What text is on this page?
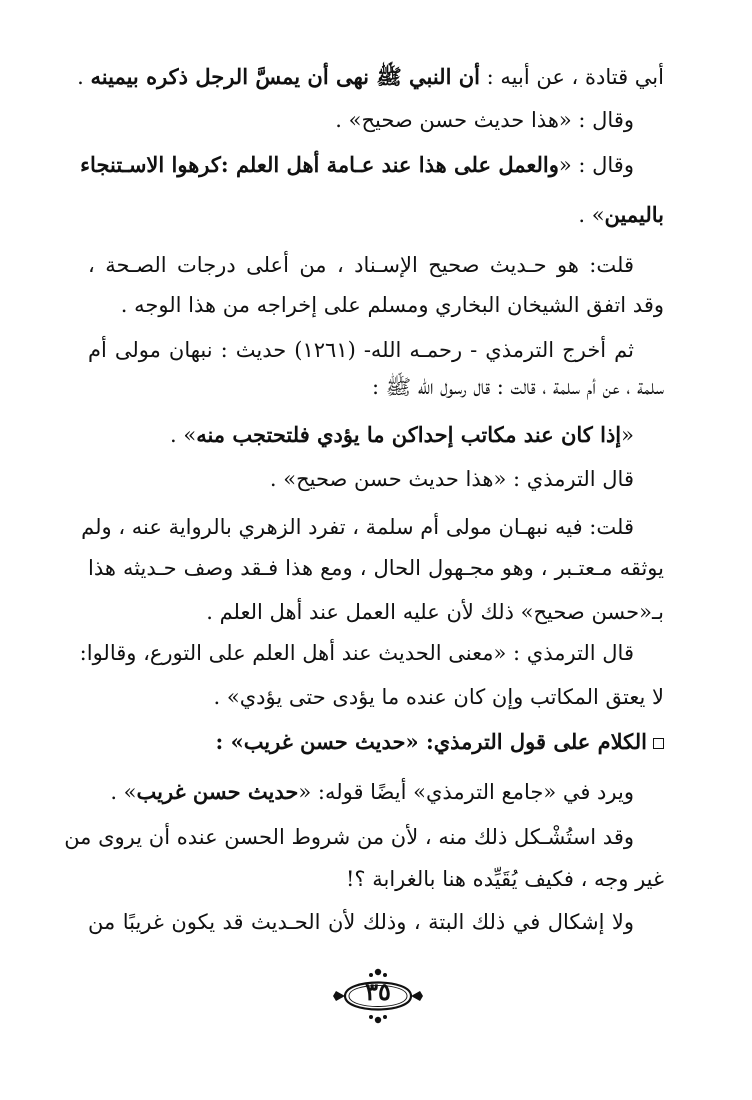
أبي قتادة ، عن أبيه : أن النبي ﷺ نهى أن يمسَّ الرجل ذكره بيمينه .
وقال : «هذا حديث حسن صحيح» .
وقال : «والعمل على هذا عند عـامة أهل العلم :كرهوا الاسـتنجاء
باليمين» .
قلت: هو حـديث صحيح الإسـناد ، من أعلى درجات الصـحة ،
وقد اتفق الشيخان البخاري ومسلم على إخراجه من هذا الوجه .
ثم أخرج الترمذي - رحمـه الله- (١٢٦١) حديث : نبهان مولى أم
سلمة ، عن أم سلمة ، قالت : قال رسول الله ﷺ :
«إذا كان عند مكاتب إحداكن ما يؤدي فلتحتجب منه» .
قال الترمذي : «هذا حديث حسن صحيح» .
قلت: فيه نبهـان مولى أم سلمة ، تفرد الزهري بالرواية عنه ، ولم
يوثقه مـعتـبر ، وهو مجـهول الحال ، ومع هذا فـقد وصف حـديثه هذا
بـ«حسن صحيح» ذلك لأن عليه العمل عند أهل العلم .
قال الترمذي : «معنى الحديث عند أهل العلم على التورع، وقالوا:
لا يعتق المكاتب وإن كان عنده ما يؤدى حتى يؤدي» .
الكلام على قول الترمذي: «حديث حسن غريب» :
ويرد في «جامع الترمذي» أيضًا قوله: «حديث حسن غريب» .
وقد استُشْـكل ذلك منه ، لأن من شروط الحسن عنده أن يروى من
غير وجه ، فكيف يُقَيِّده هنا بالغرابة ؟!
ولا إشكال في ذلك البتة ، وذلك لأن الحـديث قد يكون غريبًا من
٣٥
